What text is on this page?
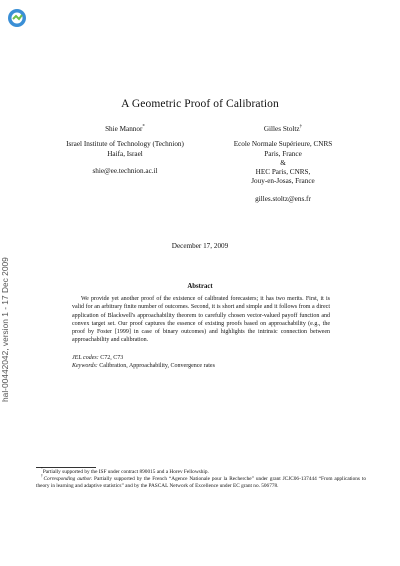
hal-00442042, version 1 - 17 Dec 2009
A Geometric Proof of Calibration
Shie Mannor*
Israel Institute of Technology (Technion)
Haifa, Israel
shie@ee.technion.ac.il
Gilles Stoltz†
Ecole Normale Supérieure, CNRS
Paris, France
&
HEC Paris, CNRS,
Jouy-en-Josas, France
gilles.stoltz@ens.fr
December 17, 2009
Abstract
We provide yet another proof of the existence of calibrated forecasters; it has two merits. First, it is valid for an arbitrary finite number of outcomes. Second, it is short and simple and it follows from a direct application of Blackwell's approachability theorem to carefully chosen vector-valued payoff function and convex target set. Our proof captures the essence of existing proofs based on approachability (e.g., the proof by Foster [1999] in case of binary outcomes) and highlights the intrinsic connection between approachability and calibration.
JEL codes: C72, C73
Keywords: Calibration, Approachability, Convergence rates
*Partially supported by the ISF under contract 890015 and a Horev Fellowship.
†Corresponding author. Partially supported by the French “Agence Nationale pour la Recherche” under grant JCJC06-137444 “From applications to theory in learning and adaptive statistics” and by the PASCAL Network of Excellence under EC grant no. 506778.
